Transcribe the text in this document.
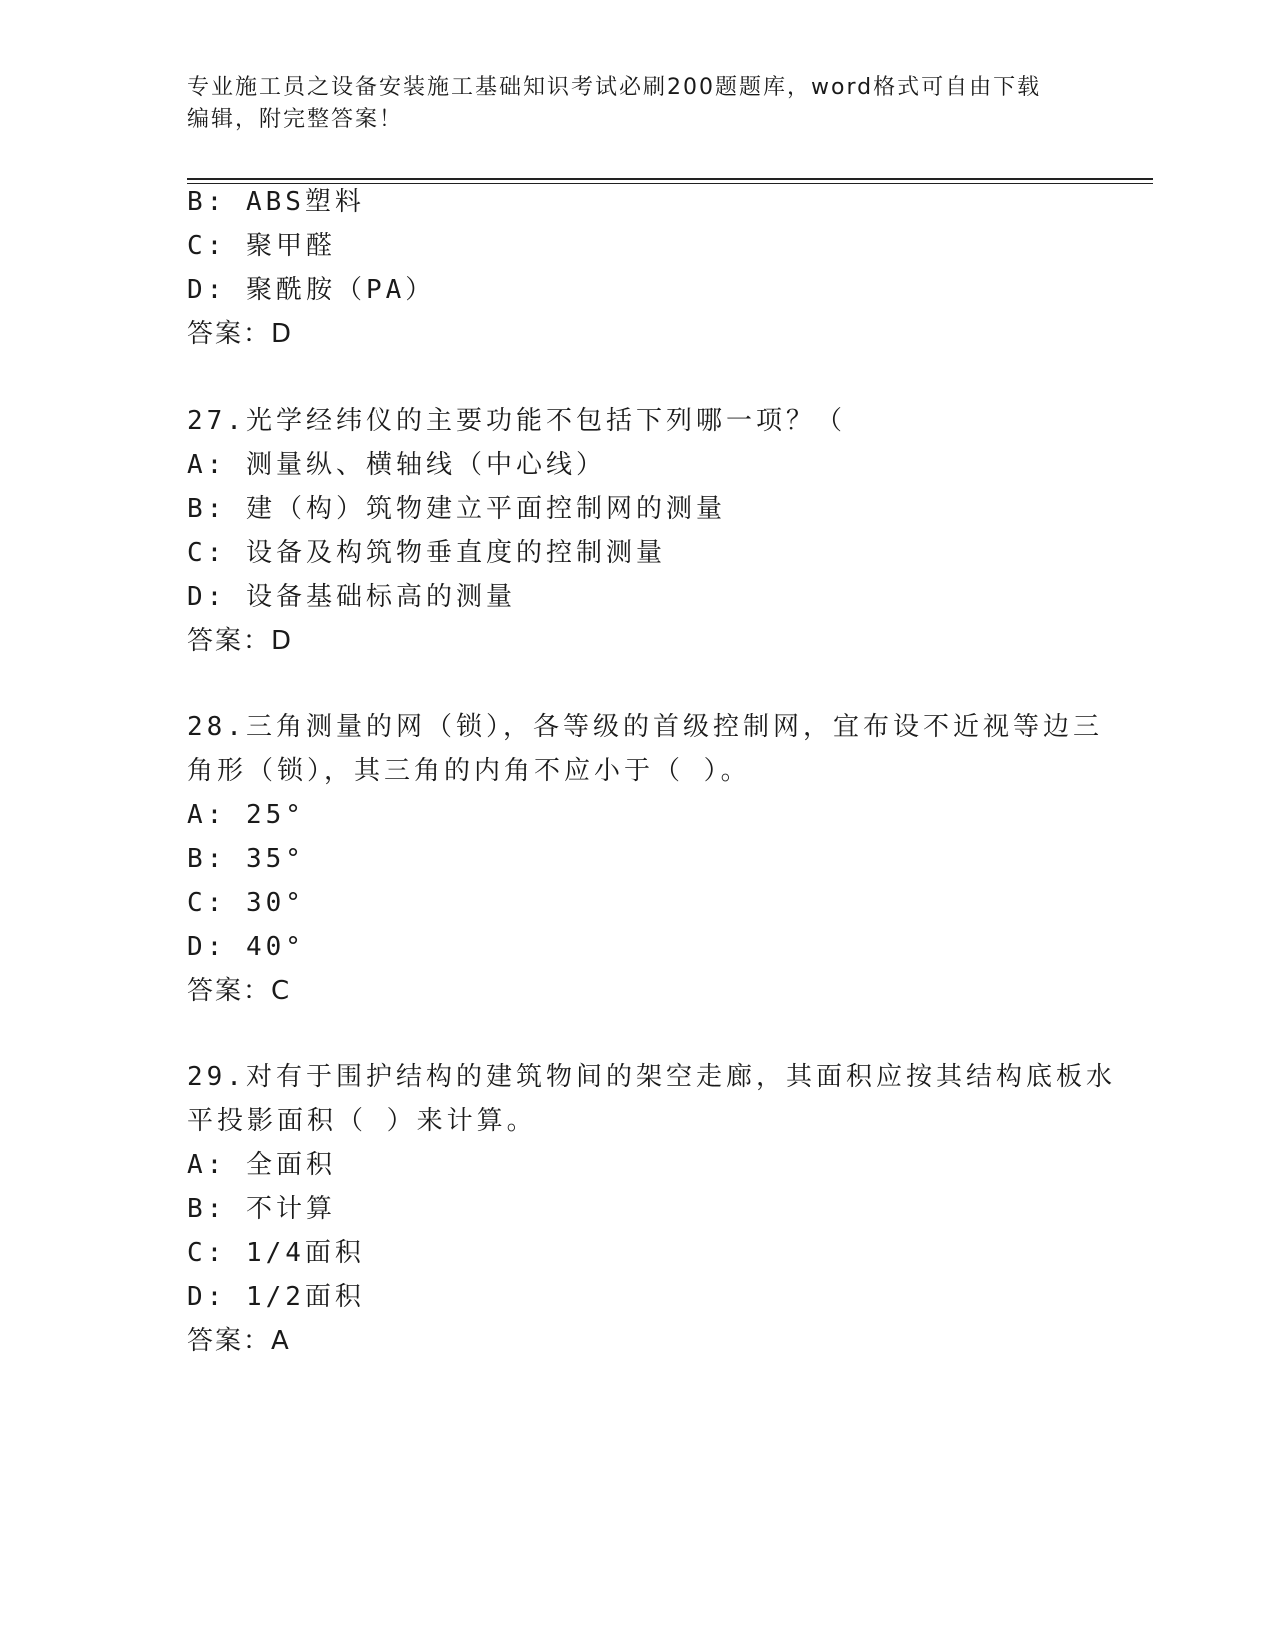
专业施工员之设备安装施工基础知识考试必刷200题题库，word格式可自由下载
编辑，附完整答案！
B: ABS塑料
C: 聚甲醛
D: 聚酰胺（PA）
答案：D
27.光学经纬仪的主要功能不包括下列哪一项？（
A: 测量纵、横轴线（中心线）
B: 建（构）筑物建立平面控制网的测量
C: 设备及构筑物垂直度的控制测量
D: 设备基础标高的测量
答案：D
28.三角测量的网（锁），各等级的首级控制网，宜布设不近视等边三
角形（锁），其三角的内角不应小于（ ）。
A: 25°
B: 35°
C: 30°
D: 40°
答案：C
29.对有于围护结构的建筑物间的架空走廊，其面积应按其结构底板水
平投影面积（ ）来计算。
A: 全面积
B: 不计算
C: 1/4面积
D: 1/2面积
答案：A
